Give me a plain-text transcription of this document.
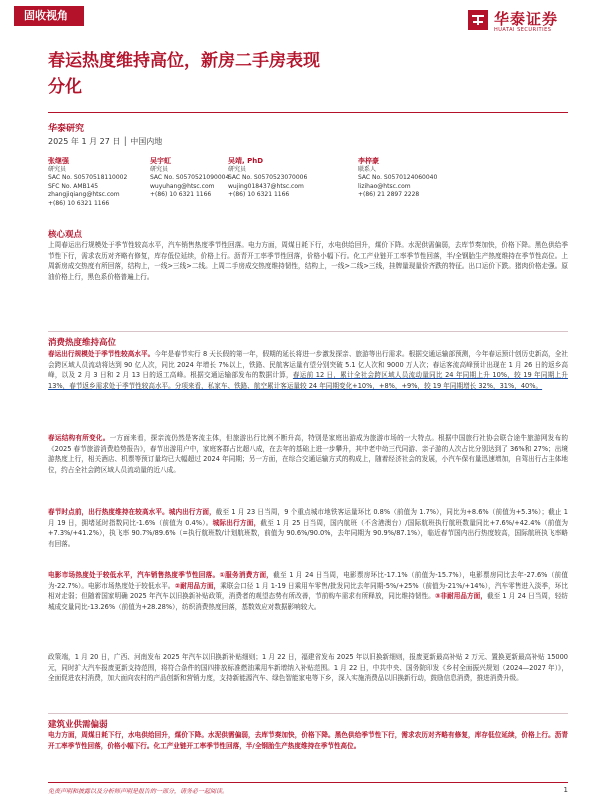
固收视角	华泰证券
HUATAI SECURITIES
春运热度维持高位，新房二手房表现
分化
华泰研究
2025 年 1 月 27 日 │ 中国内地
张继强
研究员
SAC No. S0570518110002
SFC No. AMB145
zhangjiqiang@htsc.com
+(86) 10 6321 1166
吴宇虹
研究员
SAC No. S0570521090004
wuyuhang@htsc.com
+(86) 10 6321 1166
吴靖, PhD
研究员
SAC No. S0570523070006
wujing018437@htsc.com
+(86) 10 6321 1166
李梓豪
联系人
SAC No. S0570124060040
lizihao@htsc.com
+(86) 21 2897 2228
核心观点
上周春运出行规模处于季节性较高水平，汽车销售热度季节性回落。电力方面，周煤日耗下行，水电供给回升，煤价下降。水泥供需偏弱，去库节奏加快，价格下降。黑色供给季节性下行，需求农历对齐略有修复，库存低位延续，价格上行。沥青开工率季节性回落，价格小幅下行。化工产业链开工率季节性回落，半/全钢胎生产热度维持在季节性高位。上周新房成交热度有所回落，结构上，一线>三线>二线。上周二手房成交热度维持韧性，结构上，一线>二线>三线，挂牌量现量价齐跌的特征。出口运价下跌。猪肉价格走强。原油价格上行，黑色系价格普遍上行。
消费热度维持高位
春运出行规模处于季节性较高水平。今年是春节实行 8 天长假的第一年，假期的延长将进一步激发探亲、旅游等出行需求。根据交通运输部预测，今年春运预计创历史新高，全社会跨区域人员流动将达到 90 亿人次，同比 2024 年增长 7%以上，铁路、民航客运量有望分别突破 5.1 亿人次和 9000 万人次；春运客流高峰预计出现在 1 月 26 日的返乡高峰，以及 2 月 3 日和 2 月 13 日的返工高峰。根据交通运输部发布的数据计算，春运前 12 日，累计全社会跨区域人员流动量同比 24 年同期上升 10%，较 19 年同期上升 13%，春节返乡需求处于季节性较高水平。分项来看，私家车、铁路、航空累计客运量较 24 年同期变化+10%，+8%，+9%，较 19 年同期增长 32%，31%，40%。
春运结构有所变化。一方面来看，探亲流仍然是客流主体，但旅游出行比例不断升高，特别是家庭出游成为旅游市场的一大特点。根据中国旅行社协会联合途牛旅游网发布的《2025 春节旅游消费趋势报告》，春节出游用户中，家庭客群占比超八成，在去年的基础上进一步攀升，其中老中幼三代同游、亲子游的人次占比分别达到了 36%和 27%；出境游热度上行，相关酒店、机票等预订量均已大幅超过 2024 年同期；另一方面，在综合交通运输方式的构成上，随着经济社会的发展，小汽车保有量迅速增加，自驾出行占主体地位，约占全社会跨区域人员流动量的近八成。
春节时点前，出行热度维持在较高水平。城内出行方面，截至 1 月 23 日当周，9 个重点城市地铁客运量环比 0.8%（前值为 1.7%），同比为+8.6%（前值为+5.3%）；截止 1 月 19 日，拥堵延时指数同比-1.6%（前值为 0.4%）。城际出行方面，截至 1 月 25 日当周，国内航班（不含港澳台）/国际航班执行航班数量同比+7.6%/+42.4%（前值为+7.3%/+41.2%），执飞率 90.7%/89.6%（=执行航班数/计划航班数，前值为 90.6%/90.0%，去年同期为 90.9%/87.1%），临近春节国内出行热度较高，国际航班执飞率略有回落。
电影市场热度处于较低水平，汽车销售热度季节性回落。①服务消费方面，截至 1 月 24 日当周，电影票房环比-17.1%（前值为-15.7%），电影票房同比去年-27.6%（前值为-22.7%）。电影市场热度处于较低水平。②耐用品方面，乘联会口径 1 月 1-19 日乘用车零售/批发同比去年同期-5%/+25%（前值为-21%/+14%），汽车零售进入淡季，环比相对走弱；但随着国家明确 2025 年汽车以旧换新补贴政策，消费者的观望态势有所改善，节前购车需求有所释放，同比维持韧性。③非耐用品方面，截至 1 月 24 日当周，轻纺城成交量同比-13.26%（前值为+28.28%），纺织消费热度回落，基数效应对数据影响较大。
政策端，1 月 20 日，广西、河南发布 2025 年汽车以旧换新补贴细则；1 月 22 日，福建省发布 2025 年以旧换新细则，报废更新最高补贴 2 万元、置换更新最高补贴 15000 元，同时扩大汽车报废更新支持范围，将符合条件的国四排放标准燃油乘用车新增纳入补贴范围。1 月 22 日，中共中央、国务院印发《乡村全面振兴规划（2024—2027 年）》，全面促进农村消费，加大面向农村的产品创新和营销力度，支持新能源汽车、绿色智能家电等下乡，深入实施消费品以旧换新行动，鼓励信息消费，推进消费升级。
建筑业供需偏弱
电力方面，周煤日耗下行，水电供给回升，煤价下降。水泥供需偏弱，去库节奏加快，价格下降。黑色供给季节性下行，需求农历对齐略有修复，库存低位延续，价格上行。沥青开工率季节性回落，价格小幅下行。化工产业链开工率季节性回落，半/全钢胎生产热度维持在季节性高位。
免责声明和披露以及分析师声明是报告的一部分，请务必一起阅读。	1
